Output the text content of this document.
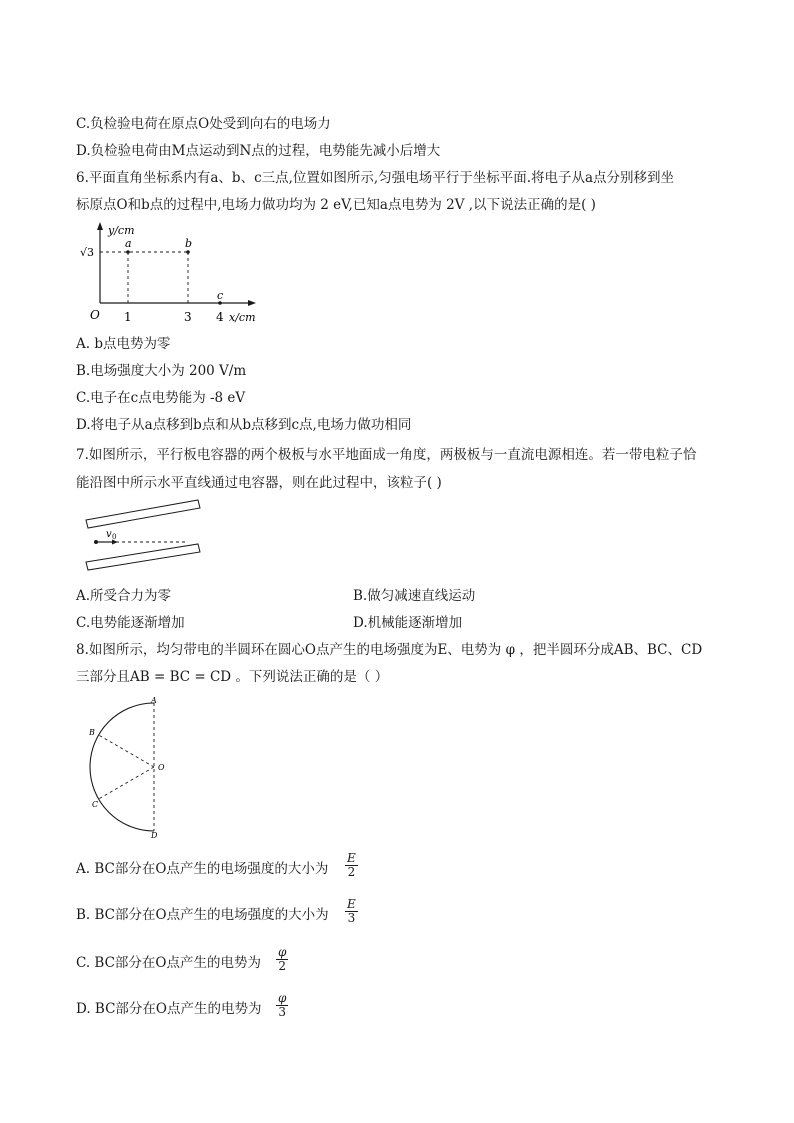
C.负检验电荷在原点O处受到向右的电场力
D.负检验电荷由M点运动到N点的过程，电势能先减小后增大
6.平面直角坐标系内有a、b、c三点,位置如图所示,匀强电场平行于坐标平面.将电子从a点分别移到坐
标原点O和b点的过程中,电场力做功均为 2 eV,已知a点电势为 2V ,以下说法正确的是( )
y/cm
√3
a	b
c
O 1	3 4 x/cm
A. b点电势为零
B.电场强度大小为 200 V/m
C.电子在c点电势能为 -8 eV
D.将电子从a点移到b点和从b点移到c点,电场力做功相同
7.如图所示，平行板电容器的两个极板与水平地面成一角度，两极板与一直流电源相连。若一带电粒子恰
能沿图中所示水平直线通过电容器，则在此过程中，该粒子( )
v 0
A.所受合力为零	B.做匀减速直线运动
C.电势能逐渐增加	D.机械能逐渐增加
8.如图所示，均匀带电的半圆环在圆心O点产生的电场强度为E、电势为 φ ，把半圆环分成AB、BC、CD
三部分且AB = BC = CD 。下列说法正确的是（ ）
A
B
O
C
D
A. BC部分在O点产生的电场强度的大小为 $\frac{E}{2}$
B. BC部分在O点产生的电场强度的大小为 $\frac{E}{3}$
C. BC部分在O点产生的电势为 $\frac{\varphi}{2}$
D. BC部分在O点产生的电势为 $\frac{\varphi}{3}$
